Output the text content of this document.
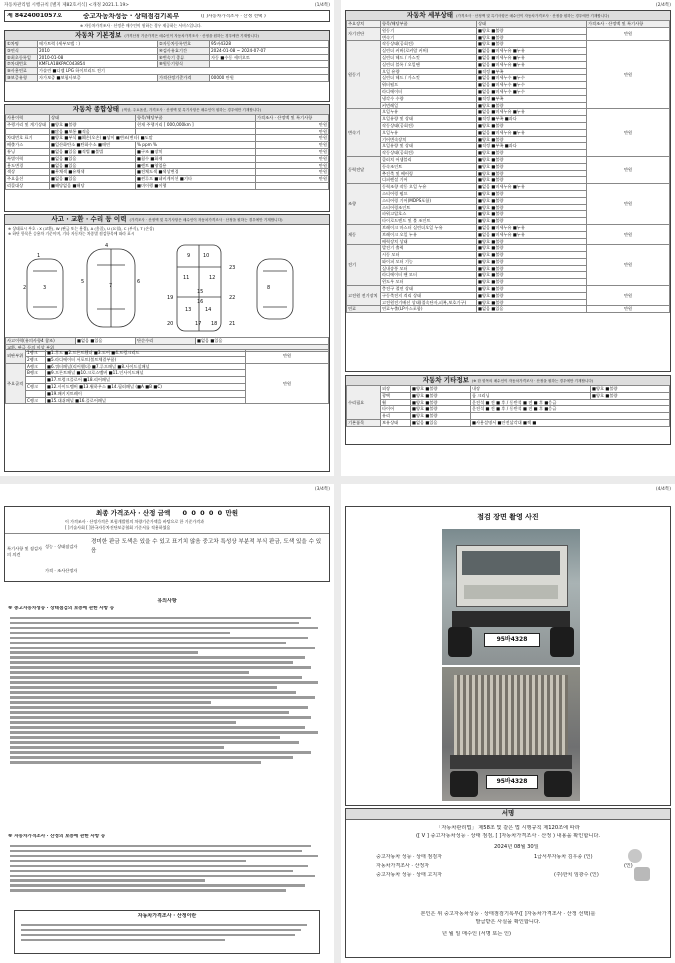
자동차관리법 시행규칙 [별지 제82호서식] <개정 2021.1.19>	(1/4쪽)
제 8424001057호	중고자동차성능 · 상태점검기록부	([ ]자동차가격조사 · 산정 선택 )
※ 자동차가격조사 · 산정은 매수인이 원하는 경우 제공하는 서비스입니다.
자동차 기본정보 (가격산정 기준가격은 매수인이 자동차가격조사 · 산정을 원하는 경우에만 기재합니다)
①차명	메가트럭 (세부모델 : )	②자동차등록번호	95바4328
③연식	2010	④검사유효기간	2024-01-08 ~ 2024-07-07
⑤최초등록일	2010-01-08	⑥변속기 종류	자동 ■수동 세미오토
⑦차대번호	KMFLA18KPAC043854	⑧원동기형식	
⑨사용연료	가솔린 ■디젤 LPG 하이브리드 전기		
⑩보증유형	자가보증 ■보험사보증	가격산정기준가격	00000 만원
자동차 종합상태 (색상, 주요옵션, 가격조사 · 산정액 및 특기사항은 매수인이 원하는 경우에만 기재합니다)
사용이력	상태	항목/해당부품	가격조사 · 산정액 및 특기사항
주행거리 및 계기상태	■양호 ■불량	현재 주행거리 [ 000,000km ]	만원
	■많음 ■보통 ■적음		만원
차대번호 표기	■양호 ■부식 ■훼손(오손) ■상이 ■변조(변타) ■도말		만원
배출가스	■일산화탄소 ■탄화수소 ■매연	% ppm %	만원
튜닝	■없음 ■있음 ■적법 ■불법	■구조 ■장치	만원
특별이력	■없음 ■있음	■침수 ■화재	만원
용도변경	■없음 ■있음	■렌트 ■영업용	만원
색상	■무채색 ■유채색	■전체도색 ■색상변경	만원
주요옵션	■없음 ■있음	■썬루프 ■네비게이션 ■기타	만원
리콜대상	■해당없음 ■해당	■미이행 ■이행	
사고 · 교환 · 수리 등 이력 (가격조사 · 산정액 및 특기사항은 매수인이 자동차가격조사 · 산정을 원하는 경우에만 기재합니다)
※ 상태표시 부호 : X (교환), W (판금 또는 용접), A (흠집), U (요철), C (부식), T (손상)
※ 하단 항목은 승용차 기준이며, 기타 자동차는 차종별 점검항목에 따라 표시
1
2	3
4
5	6
7	8
9	10
11	12
13	14
15
16
17 18
19
20	21
22
23
사고이력(유의사항4 참조)	■없음 ■있음	단순수리	■없음 ■있음
교환, 판금 등의 이상 부위
외판부위	1랭크	■1.후드 ■2.프론트휀더 ■3.도어 ■4.트렁크리드	만원
	2랭크	■5.라디에이터 서포트(볼트체결부품)	
주요골격	A랭크	■6.쿼터패널(리어휀더) ■7.루프패널 ■8.사이드실패널	만원
	B랭크	■9.프론트패널 ■10.크로스멤버 ■11.인사이드패널	
		■17.트렁크플로어 ■18.리어패널	
	C랭크	■12.사이드멤버 ■13.휠하우스 ■14.필러패널 (■A ■B ■C)	
		■19.패키지트레이	
	C랭크	■15.대쉬패널 ■16.플로어패널	
(2/4쪽)
자동차 세부상태 (가격조사 · 산정액 및 특기사항은 매수인이 자동차가격조사 · 산정을 원하는 경우에만 기재합니다)
주요장치	항목/해당부품	상태	가격조사 · 산정액 및 특기사항
자기진단	원동기	■양호 ■불량	만원
	변속기	■양호 ■불량	
원동기	작동상태(공회전)	■양호 ■불량	만원
	실린더 커버(로커암 커버)	■없음 ■미세누유 ■누유	
	실린더 헤드 / 가스킷	■없음 ■미세누유 ■누유	
	실린더 블록 / 오일팬	■없음 ■미세누유 ■누유	
	오일 유량	■적정 ■부족	
	실린더 헤드 / 가스킷	■없음 ■미세누수 ■누수	
	워터펌프	■없음 ■미세누수 ■누수	
	라디에이터	■없음 ■미세누수 ■누수	
	냉각수 수량	■적정 ■부족	
	커먼레일	■양호 ■불량	
변속기	오일누유	■없음 ■미세누유 ■누유	만원
	오일유량 및 상태	■적정 ■부족 ■과다	
	작동상태(공회전)	■양호 ■불량	
	오일누유	■없음 ■미세누유 ■누유	
	기어변속장치	■양호 ■불량	
	오일유량 및 상태	■적정 ■부족 ■과다	
	작동상태(공회전)	■양호 ■불량	
동력전달	클러치 어셈블리	■양호 ■불량	만원
	등속조인트	■양호 ■불량	
	추진축 및 베어링	■양호 ■불량	
	디퍼렌셜 기어	■양호 ■불량	
조향	동력조향 작동 오일 누유	■없음 ■미세누유 ■누유	만원
	스티어링 펌프	■양호 ■불량	
	스티어링 기어(MDPS포함)	■양호 ■불량	
	스티어링조인트	■양호 ■불량	
	파워고압호스	■양호 ■불량	
	타이로드엔드 및 볼 조인트	■양호 ■불량	
제동	브레이크 마스터 실린더오일 누유	■없음 ■미세누유 ■누유	만원
	브레이크 오일 누유	■없음 ■미세누유 ■누유	
	배력장치 상태	■양호 ■불량	
전기	발전기 출력	■양호 ■불량	만원
	시동 모터	■양호 ■불량	
	와이퍼 모터 기능	■양호 ■불량	
	실내송풍 모터	■양호 ■불량	
	라디에이터 팬 모터	■양호 ■불량	
	윈도우 모터	■양호 ■불량	
고전원 전기장치	충전구 절연 상태	■양호 ■불량	만원
	구동축전지 격리 상태	■양호 ■불량	
	고전원전기배선 상태(접속단자,피복,보호기구)	■양호 ■불량	
연료	연료누출(LP가스포함)	■없음 ■있음	만원
자동차 기타정보 (※ 한 항목의 매수인이 자동차가격조사 · 산정을 원하는 경우에만 기재합니다)
수리필요	외장	■양호 ■불량	내장	■양호 ■불량
	광택	■양호 ■불량	룸 크리닝	■양호 ■불량
	휠	■양호 ■불량	운전석 ■ 전 ■ 후 / 동반석 ■ 전 ■ 후 ■응급	
	타이어	■양호 ■불량	운전석 ■ 전 ■ 후 / 동반석 ■ 전 ■ 후 ■응급	
	유리	■양호 ■불량		
기본품목	보유상태	■없음 ■있음	■사용설명서 ■안전삼각대 ■잭 ■	
(3/4쪽)
최종 가격조사 · 산정 금액 0 0 0 0 0 만원
이 가격조사 · 산정가격은 보험개발원의 차량기준가액을 바탕으로 한 기준가격과
[ ]기술사회 [ ]한국자동차진단보증협회 기준서를 적용하였음
특기사항 및 점검자의 의견
성능 · 상태점검자
경미한 판금 도색은 있을 수 있고 표기치 않음 중고차 특성상 부분적 부식 판금, 도색 있을 수 있음
가격 · 조사산정자
유의사항
※ 중고자동차성능 · 상태점검의 보증에 관한 사항 등
※ 자동차가격조사 · 산정의 보증에 관한 사항 등
자동차가격조사 · 산정이란
(4/4쪽)
점검 장면 촬영 사진
95바4328
95바4328
서명
「자동차관리법」 제58조 및 같은 법 시행규칙 제120조에 따라
([ V ] 중고자동차성능 · 상태 점검, [ ]자동차가격조사 · 산정 ) 내용을 확인합니다.
2024년 08월 30일
중고자동차 성능 · 상태 점검자	1급서부자동차 김우종 (인)
자동차가격조사 · 산정자	(인)
중고자동차 성능 · 상태 고지자	(주)한치 임광수 (인)
본인은 위 중고자동차성능 · 상태점검기록부([ ]자동차가격조사 · 산정 선택)를
발급받은 사실을 확인합니다.
년 월 일 매수인 (서명 또는 인)
